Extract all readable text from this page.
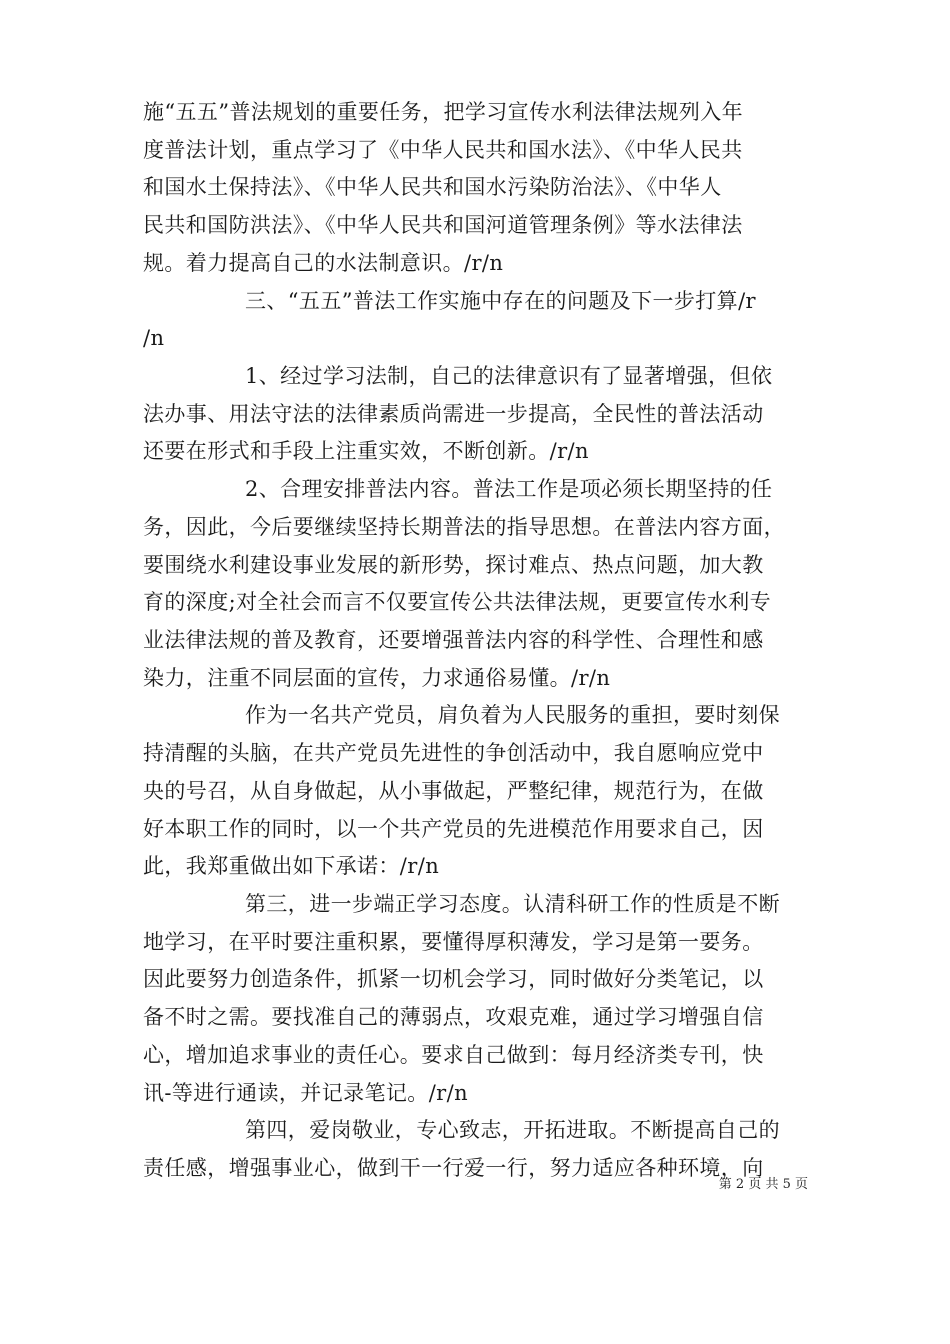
施“五五”普法规划的重要任务，把学习宣传水利法律法规列入年
度普法计划，重点学习了《中华人民共和国水法》、《中华人民共
和国水土保持法》、《中华人民共和国水污染防治法》、《中华人
民共和国防洪法》、《中华人民共和国河道管理条例》等水法律法
规。着力提高自己的水法制意识。/r/n
三、“五五”普法工作实施中存在的问题及下一步打算/r
/n
1、经过学习法制，自己的法律意识有了显著增强，但依
法办事、用法守法的法律素质尚需进一步提高，全民性的普法活动
还要在形式和手段上注重实效，不断创新。/r/n
2、合理安排普法内容。普法工作是项必须长期坚持的任
务，因此，今后要继续坚持长期普法的指导思想。在普法内容方面，
要围绕水利建设事业发展的新形势，探讨难点、热点问题，加大教
育的深度;对全社会而言不仅要宣传公共法律法规，更要宣传水利专
业法律法规的普及教育，还要增强普法内容的科学性、合理性和感
染力，注重不同层面的宣传，力求通俗易懂。/r/n
作为一名共产党员，肩负着为人民服务的重担，要时刻保
持清醒的头脑，在共产党员先进性的争创活动中，我自愿响应党中
央的号召，从自身做起，从小事做起，严整纪律，规范行为，在做
好本职工作的同时，以一个共产党员的先进模范作用要求自己，因
此，我郑重做出如下承诺：/r/n
第三，进一步端正学习态度。认清科研工作的性质是不断
地学习，在平时要注重积累，要懂得厚积薄发，学习是第一要务。
因此要努力创造条件，抓紧一切机会学习，同时做好分类笔记，以
备不时之需。要找准自己的薄弱点，攻艰克难，通过学习增强自信
心，增加追求事业的责任心。要求自己做到：每月经济类专刊，快
讯-等进行通读，并记录笔记。/r/n
第四，爱岗敬业，专心致志，开拓进取。不断提高自己的
责任感，增强事业心，做到干一行爱一行，努力适应各种环境，向
第 2 页 共 5 页
